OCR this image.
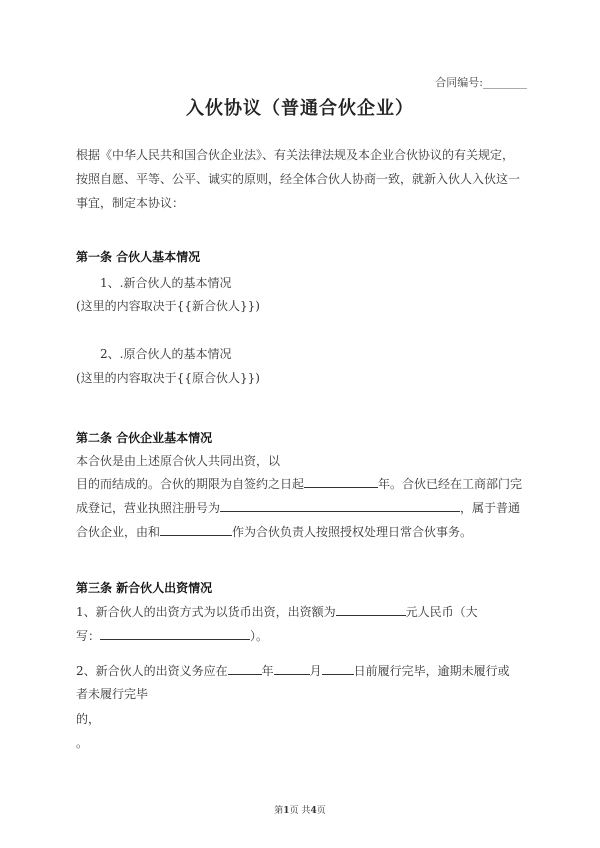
合同编号:________
入伙协议（普通合伙企业）
根据《中华人民共和国合伙企业法》、有关法律法规及本企业合伙协议的有关规定，
按照自愿、平等、公平、诚实的原则，经全体合伙人协商一致，就新入伙人入伙这一
事宜，制定本协议：
第一条 合伙人基本情况
1、.新合伙人的基本情况
(这里的内容取决于{{新合伙人}})
2、.原合伙人的基本情况
(这里的内容取决于{{原合伙人}})
第二条 合伙企业基本情况
本合伙是由上述原合伙人共同出资，以
目的而结成的。合伙的期限为自签约之日起	年。合伙已经在工商部门完
成登记，营业执照注册号为	，属于普通
合伙企业，由和	作为合伙负责人按照授权处理日常合伙事务。
第三条 新合伙人出资情况
1、新合伙人的出资方式为以货币出资，出资额为	元人民币（大
写：	）。
2、新合伙人的出资义务应在	年	月	日前履行完毕，逾期未履行或
者未履行完毕
的，
。
第1页 共4页
